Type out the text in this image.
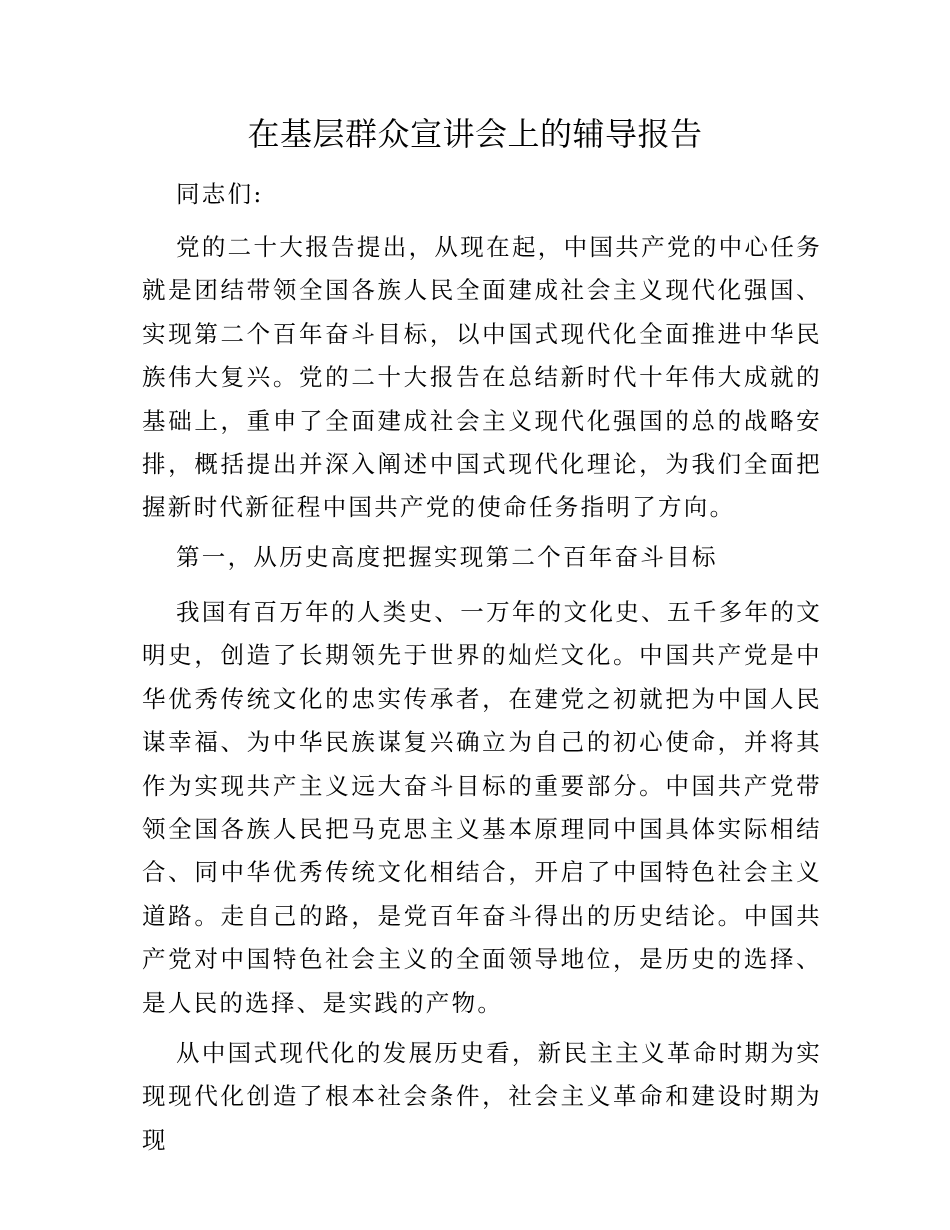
在基层群众宣讲会上的辅导报告
同志们:
党的二十大报告提出，从现在起，中国共产党的中心任务就是团结带领全国各族人民全面建成社会主义现代化强国、实现第二个百年奋斗目标，以中国式现代化全面推进中华民族伟大复兴。党的二十大报告在总结新时代十年伟大成就的基础上，重申了全面建成社会主义现代化强国的总的战略安排，概括提出并深入阐述中国式现代化理论，为我们全面把握新时代新征程中国共产党的使命任务指明了方向。
第一，从历史高度把握实现第二个百年奋斗目标
我国有百万年的人类史、一万年的文化史、五千多年的文明史，创造了长期领先于世界的灿烂文化。中国共产党是中华优秀传统文化的忠实传承者，在建党之初就把为中国人民谋幸福、为中华民族谋复兴确立为自己的初心使命，并将其作为实现共产主义远大奋斗目标的重要部分。中国共产党带领全国各族人民把马克思主义基本原理同中国具体实际相结合、同中华优秀传统文化相结合，开启了中国特色社会主义道路。走自己的路，是党百年奋斗得出的历史结论。中国共产党对中国特色社会主义的全面领导地位，是历史的选择、是人民的选择、是实践的产物。
从中国式现代化的发展历史看，新民主主义革命时期为实现现代化创造了根本社会条件，社会主义革命和建设时期为现
